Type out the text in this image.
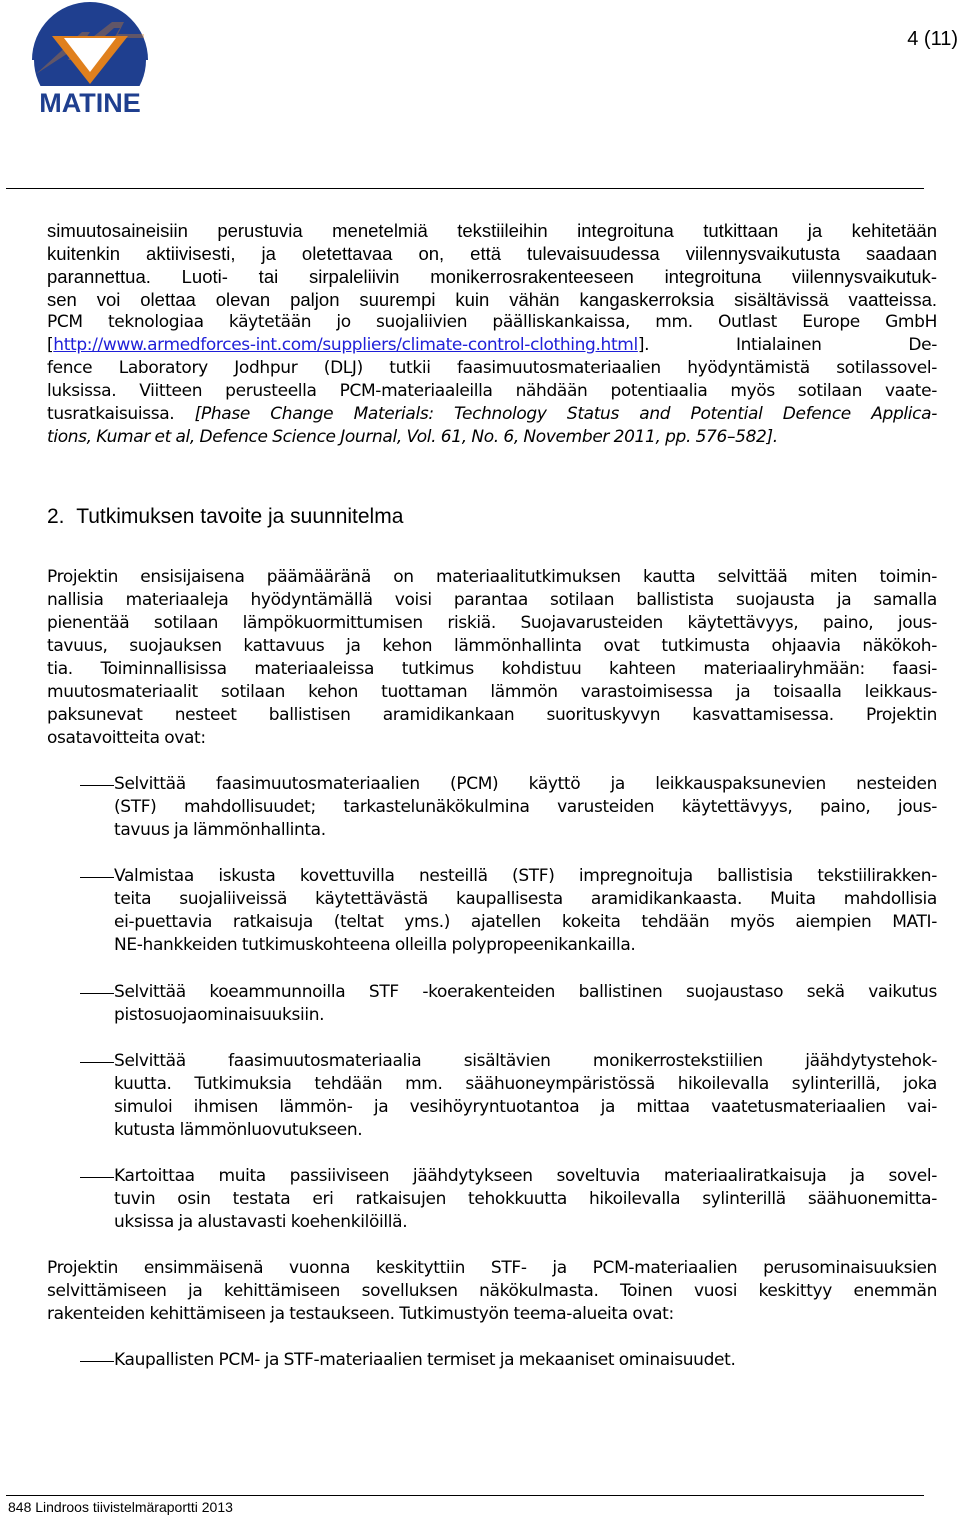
MATINE
4 (11)

simuutosaineisiin perustuvia menetelmiä tekstiileihin integroituna tutkittaan ja kehitetään
kuitenkin aktiivisesti, ja oletettavaa on, että tulevaisuudessa viilennysvaikutusta saadaan
parannettua. Luoti- tai sirpaleliivin monikerrosrakenteeseen integroituna viilennysvaikutuk-
sen voi olettaa olevan paljon suurempi kuin vähän kangaskerroksia sisältävissä vaatteissa.

PCM teknologiaa käytetään jo suojaliivien päälliskankaissa, mm. Outlast Europe GmbH
[http://www.armedforces-int.com/suppliers/climate-control-clothing.html]. Intialainen De-
fence Laboratory Jodhpur (DLJ) tutkii faasimuutosmateriaalien hyödyntämistä sotilassovel-
luksissa. Viitteen perusteella PCM-materiaaleilla nähdään potentiaalia myös sotilaan vaate-
tusratkaisuissa. [Phase Change Materials: Technology Status and Potential Defence Applica-
tions, Kumar et al, Defence Science Journal, Vol. 61, No. 6, November 2011, pp. 576–582].

2. Tutkimuksen tavoite ja suunnitelma

Projektin ensisijaisena päämääränä on materiaalitutkimuksen kautta selvittää miten toimin-
nallisia materiaaleja hyödyntämällä voisi parantaa sotilaan ballistista suojausta ja samalla
pienentää sotilaan lämpökuormittumisen riskiä. Suojavarusteiden käytettävyys, paino, jous-
tavuus, suojauksen kattavuus ja kehon lämmönhallinta ovat tutkimusta ohjaavia näkökoh-
tia. Toiminnallisissa materiaaleissa tutkimus kohdistuu kahteen materiaaliryhmään: faasi-
muutosmateriaalit sotilaan kehon tuottaman lämmön varastoimisessa ja toisaalla leikkaus-
paksunevat nesteet ballistisen aramidikankaan suorituskyvyn kasvattamisessa. Projektin
osatavoitteita ovat:

Selvittää faasimuutosmateriaalien (PCM) käyttö ja leikkauspaksunevien nesteiden
(STF) mahdollisuudet; tarkastelunäkökulmina varusteiden käytettävyys, paino, jous-
tavuus ja lämmönhallinta.

Valmistaa iskusta kovettuvilla nesteillä (STF) impregnoituja ballistisia tekstiilirakken-
teita suojaliiveissä käytettävästä kaupallisesta aramidikankaasta. Muita mahdollisia
ei-puettavia ratkaisuja (teltat yms.) ajatellen kokeita tehdään myös aiempien MATI-
NE-hankkeiden tutkimuskohteena olleilla polypropeenikankailla.

Selvittää koeammunnoilla STF -koerakenteiden ballistinen suojaustaso sekä vaikutus
pistosuojaominaisuuksiin.

Selvittää faasimuutosmateriaalia sisältävien monikerrostekstiilien jäähdytystehok-
kuutta. Tutkimuksia tehdään mm. säähuoneympäristössä hikoilevalla sylinterillä, joka
simuloi ihmisen lämmön- ja vesihöyryntuotantoa ja mittaa vaatetusmateriaalien vai-
kutusta lämmönluovutukseen.

Kartoittaa muita passiiviseen jäähdytykseen soveltuvia materiaaliratkaisuja ja sovel-
tuvin osin testata eri ratkaisujen tehokkuutta hikoilevalla sylinterillä säähuonemitta-
uksissa ja alustavasti koehenkilöillä.

Projektin ensimmäisenä vuonna keskityttiin STF- ja PCM-materiaalien perusominaisuuksien
selvittämiseen ja kehittämiseen sovelluksen näkökulmasta. Toinen vuosi keskittyy enemmän
rakenteiden kehittämiseen ja testaukseen. Tutkimustyön teema-alueita ovat:

Kaupallisten PCM- ja STF-materiaalien termiset ja mekaaniset ominaisuudet.

848 Lindroos tiivistelmäraportti 2013
